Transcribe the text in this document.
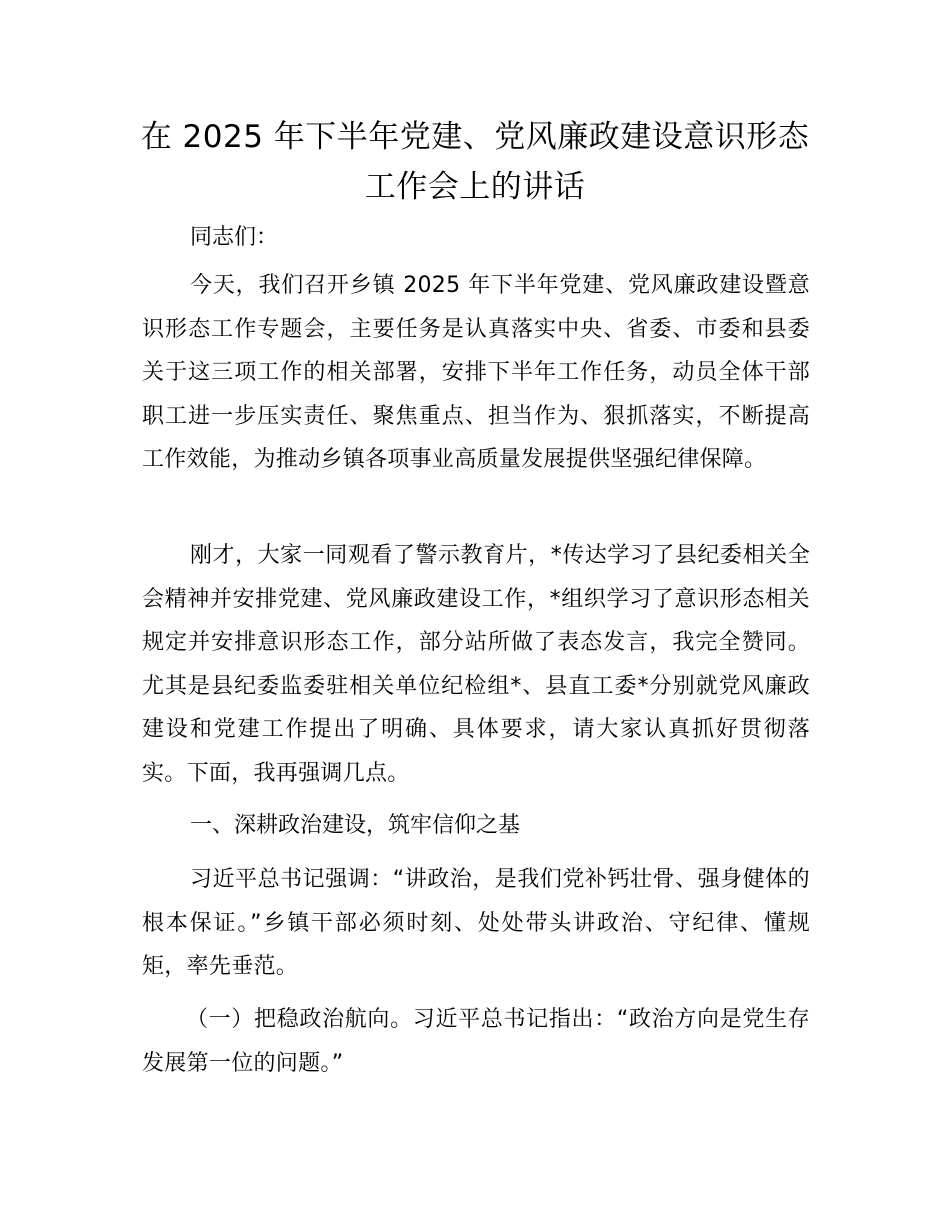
在 2025 年下半年党建、党风廉政建设意识形态工作会上的讲话

同志们：

今天，我们召开乡镇 2025 年下半年党建、党风廉政建设暨意识形态工作专题会，主要任务是认真落实中央、省委、市委和县委关于这三项工作的相关部署，安排下半年工作任务，动员全体干部职工进一步压实责任、聚焦重点、担当作为、狠抓落实，不断提高工作效能，为推动乡镇各项事业高质量发展提供坚强纪律保障。

刚才，大家一同观看了警示教育片，*传达学习了县纪委相关全会精神并安排党建、党风廉政建设工作，*组织学习了意识形态相关规定并安排意识形态工作，部分站所做了表态发言，我完全赞同。尤其是县纪委监委驻相关单位纪检组*、县直工委*分别就党风廉政建设和党建工作提出了明确、具体要求，请大家认真抓好贯彻落实。下面，我再强调几点。

一、深耕政治建设，筑牢信仰之基

习近平总书记强调：“讲政治，是我们党补钙壮骨、强身健体的根本保证。”乡镇干部必须时刻、处处带头讲政治、守纪律、懂规矩，率先垂范。

（一）把稳政治航向。习近平总书记指出：“政治方向是党生存发展第一位的问题。”
